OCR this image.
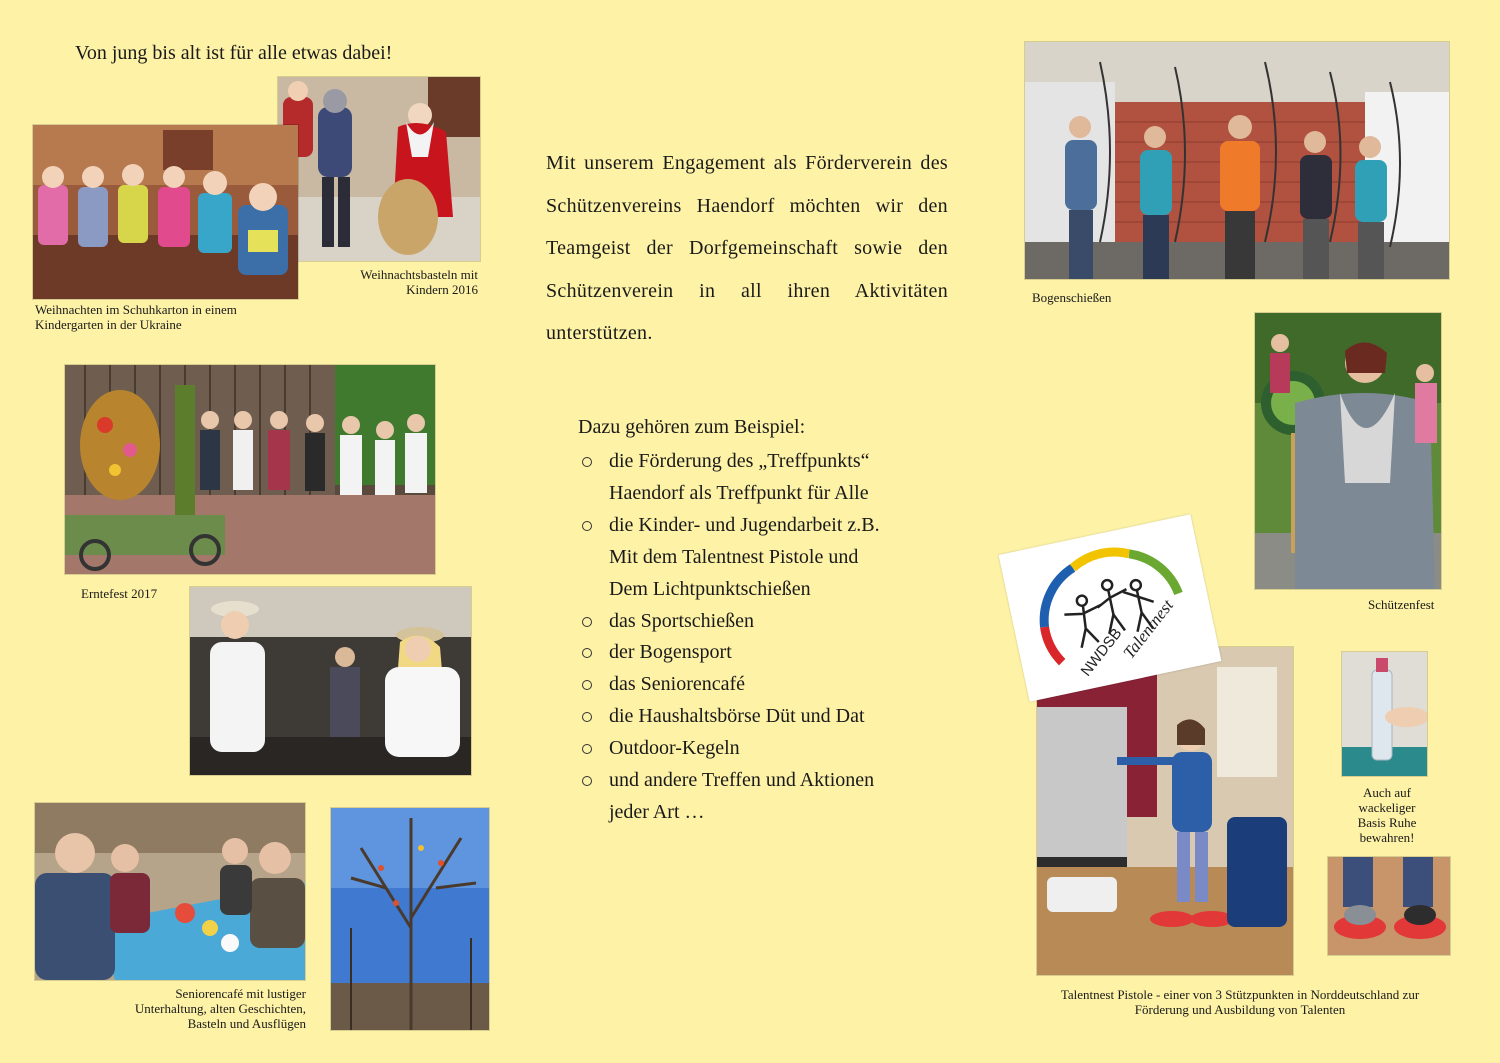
Von jung bis alt ist für alle etwas dabei!
Weihnachtsbasteln mit
Kindern 2016
Weihnachten im Schuhkarton in einem
Kindergarten in der Ukraine
Erntefest 2017
Seniorencafé mit lustiger
Unterhaltung, alten Geschichten,
Basteln und Ausflügen
Mit unserem Engagement als Förderverein des Schützenvereins Haendorf möchten wir den Teamgeist der Dorfgemeinschaft sowie den Schützenverein in all ihren Aktivitäten unterstützen.
Dazu gehören zum Beispiel:
die Förderung des „Treffpunkts“
Haendorf als Treffpunkt für Alle
die Kinder- und Jugendarbeit z.B.
Mit dem Talentnest Pistole und
Dem Lichtpunktschießen
das Sportschießen
der Bogensport
das Seniorencafé
die Haushaltsbörse Düt und Dat
Outdoor-Kegeln
und andere Treffen und Aktionen
jeder Art …
Bogenschießen
Schützenfest
NWDSB
Talentnest
Auch auf
wackeliger
Basis Ruhe
bewahren!
Talentnest Pistole - einer von 3 Stützpunkten in Norddeutschland zur
Förderung und Ausbildung von Talenten
